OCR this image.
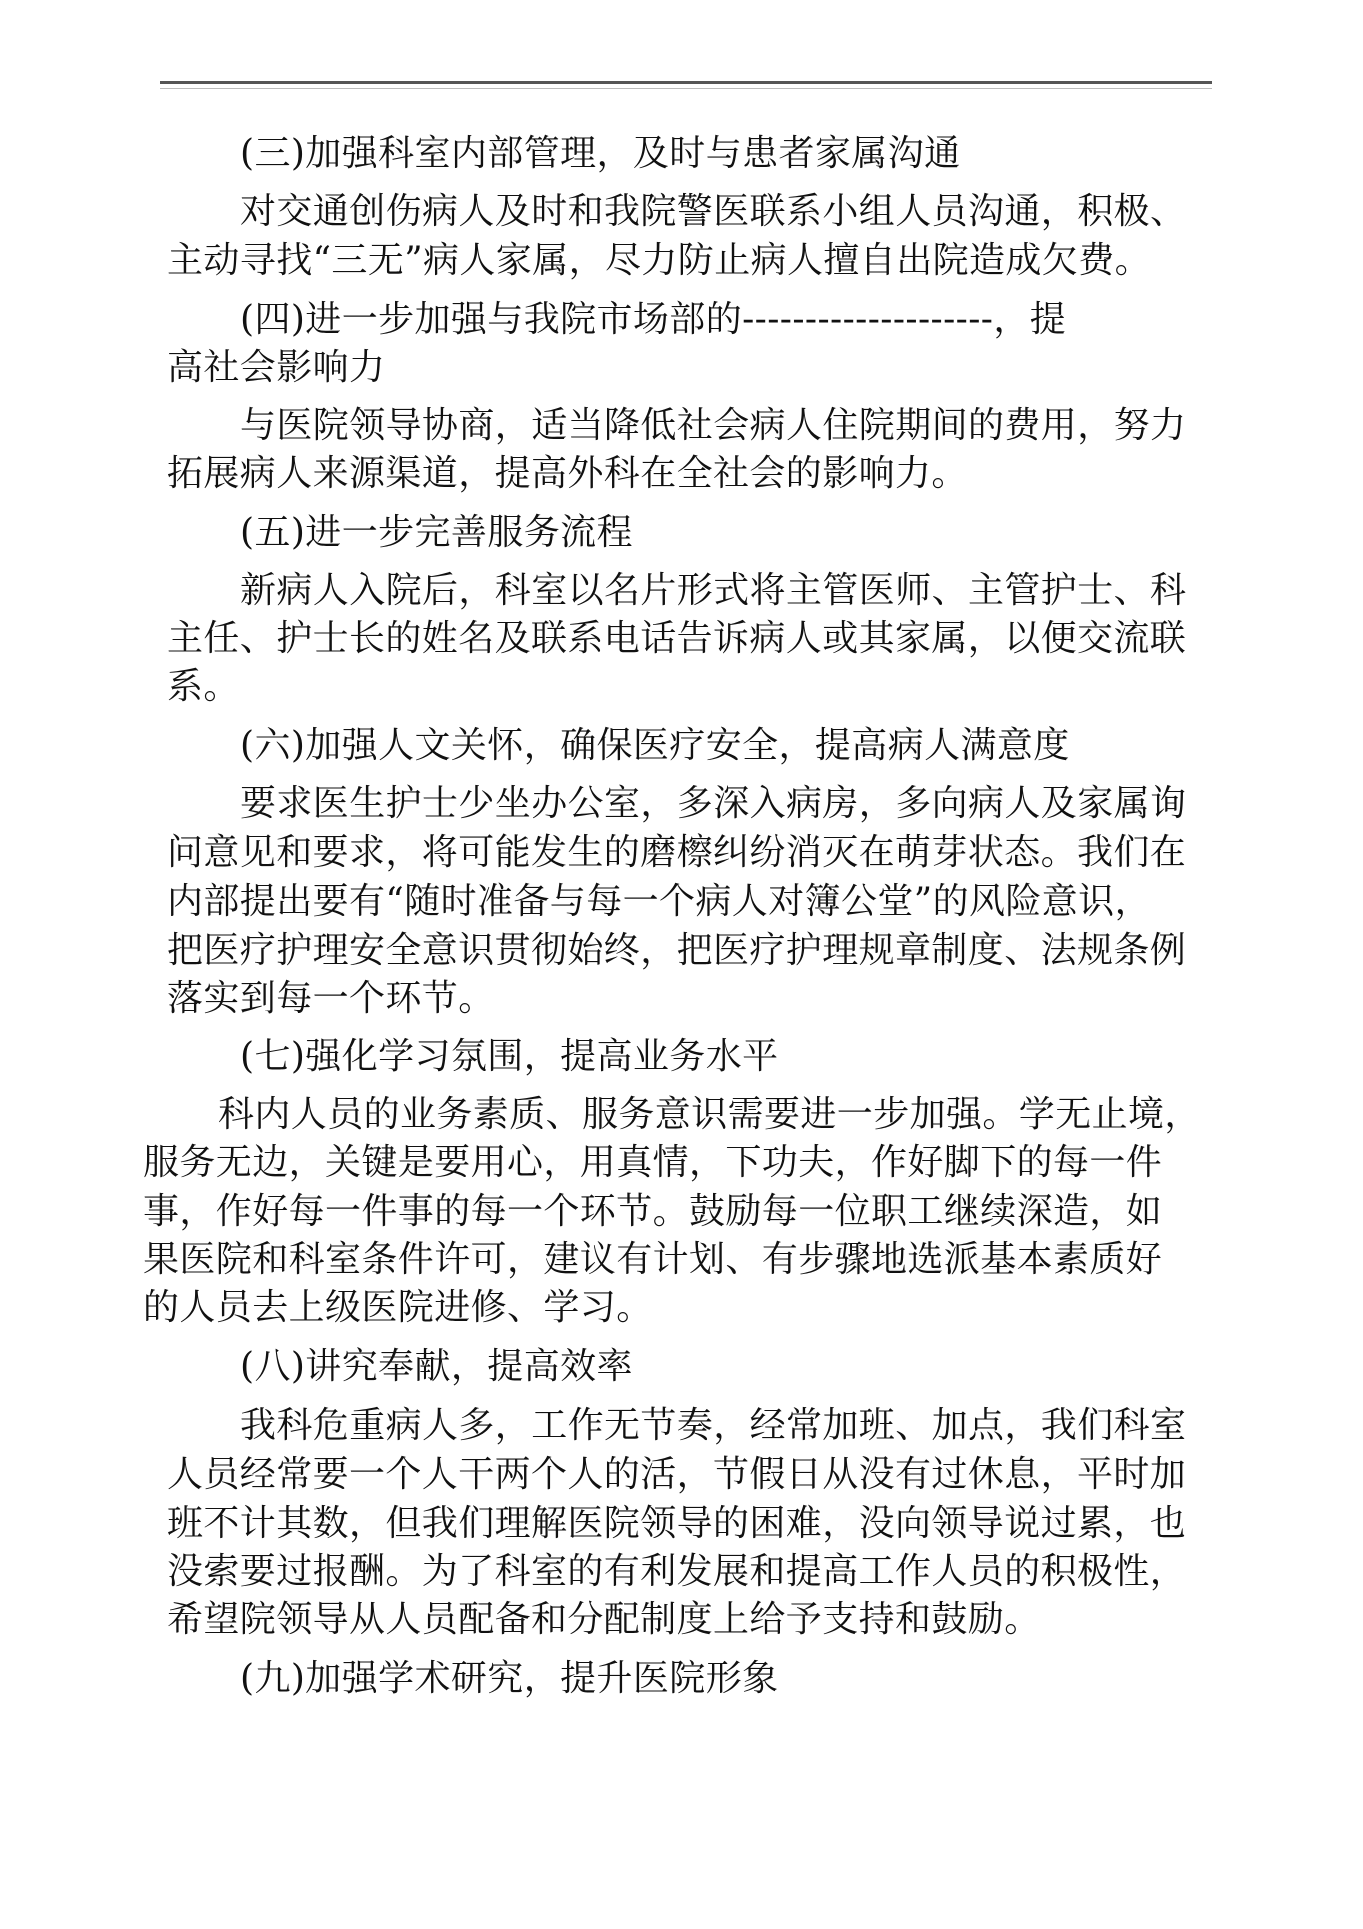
(三)加强科室内部管理，及时与患者家属沟通
对交通创伤病人及时和我院警医联系小组人员沟通，积极、
主动寻找“三无”病人家属，尽力防止病人擅自出院造成欠费。
(四)进一步加强与我院市场部的--------------------，提
高社会影响力
与医院领导协商，适当降低社会病人住院期间的费用，努力
拓展病人来源渠道，提高外科在全社会的影响力。
(五)进一步完善服务流程
新病人入院后，科室以名片形式将主管医师、主管护士、科
主任、护士长的姓名及联系电话告诉病人或其家属，以便交流联
系。
(六)加强人文关怀，确保医疗安全，提高病人满意度
要求医生护士少坐办公室，多深入病房，多向病人及家属询
问意见和要求，将可能发生的磨檫纠纷消灭在萌芽状态。我们在
内部提出要有“随时准备与每一个病人对簿公堂”的风险意识，
把医疗护理安全意识贯彻始终，把医疗护理规章制度、法规条例
落实到每一个环节。
(七)强化学习氛围，提高业务水平
科内人员的业务素质、服务意识需要进一步加强。学无止境，
服务无边，关键是要用心，用真情，下功夫，作好脚下的每一件
事，作好每一件事的每一个环节。鼓励每一位职工继续深造，如
果医院和科室条件许可，建议有计划、有步骤地选派基本素质好
的人员去上级医院进修、学习。
(八)讲究奉献，提高效率
我科危重病人多，工作无节奏，经常加班、加点，我们科室
人员经常要一个人干两个人的活，节假日从没有过休息，平时加
班不计其数，但我们理解医院领导的困难，没向领导说过累，也
没索要过报酬。为了科室的有利发展和提高工作人员的积极性，
希望院领导从人员配备和分配制度上给予支持和鼓励。
(九)加强学术研究，提升医院形象
